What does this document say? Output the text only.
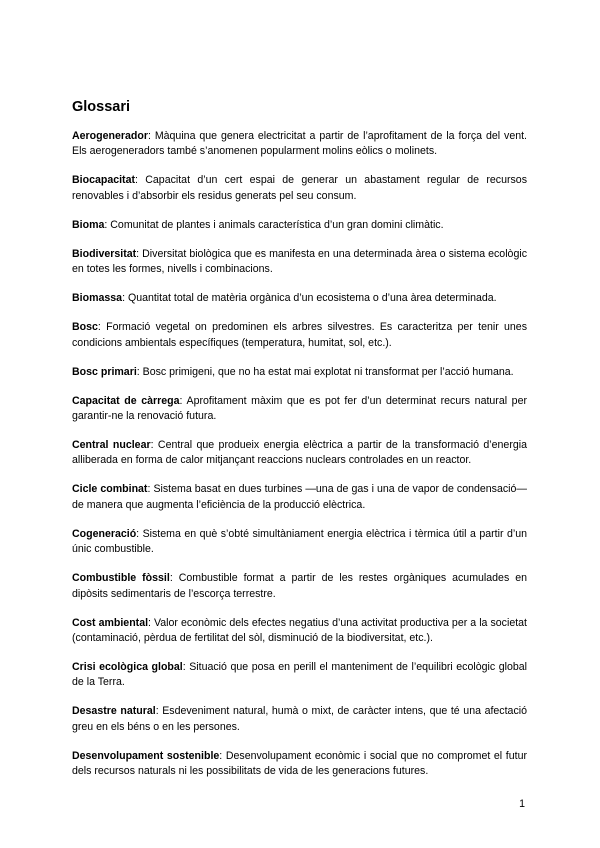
Glossari

Aerogenerador: Màquina que genera electricitat a partir de l’aprofitament de la força del vent. Els aerogeneradors també s’anomenen popularment molins eòlics o molinets.

Biocapacitat: Capacitat d’un cert espai de generar un abastament regular de recursos renovables i d’absorbir els residus generats pel seu consum.

Bioma: Comunitat de plantes i animals característica d’un gran domini climàtic.

Biodiversitat: Diversitat biològica que es manifesta en una determinada àrea o sistema ecològic en totes les formes, nivells i combinacions.

Biomassa: Quantitat total de matèria orgànica d’un ecosistema o d’una àrea determinada.

Bosc: Formació vegetal on predominen els arbres silvestres. Es caracteritza per tenir unes condicions ambientals específiques (temperatura, humitat, sol, etc.).

Bosc primari: Bosc primigeni, que no ha estat mai explotat ni transformat per l’acció humana.

Capacitat de càrrega: Aprofitament màxim que es pot fer d’un determinat recurs natural per garantir-ne la renovació futura.

Central nuclear: Central que produeix energia elèctrica a partir de la transformació d’energia alliberada en forma de calor mitjançant reaccions nuclears controlades en un reactor.

Cicle combinat: Sistema basat en dues turbines —una de gas i una de vapor de condensació— de manera que augmenta l’eficiència de la producció elèctrica.

Cogeneració: Sistema en què s’obté simultàniament energia elèctrica i tèrmica útil a partir d’un únic combustible.

Combustible fòssil: Combustible format a partir de les restes orgàniques acumulades en dipòsits sedimentaris de l’escorça terrestre.

Cost ambiental: Valor econòmic dels efectes negatius d’una activitat productiva per a la societat (contaminació, pèrdua de fertilitat del sòl, disminució de la biodiversitat, etc.).

Crisi ecològica global: Situació que posa en perill el manteniment de l’equilibri ecològic global de la Terra.

Desastre natural: Esdeveniment natural, humà o mixt, de caràcter intens, que té una afectació greu en els béns o en les persones.

Desenvolupament sostenible: Desenvolupament econòmic i social que no compromet el futur dels recursos naturals ni les possibilitats de vida de les generacions futures.

1
